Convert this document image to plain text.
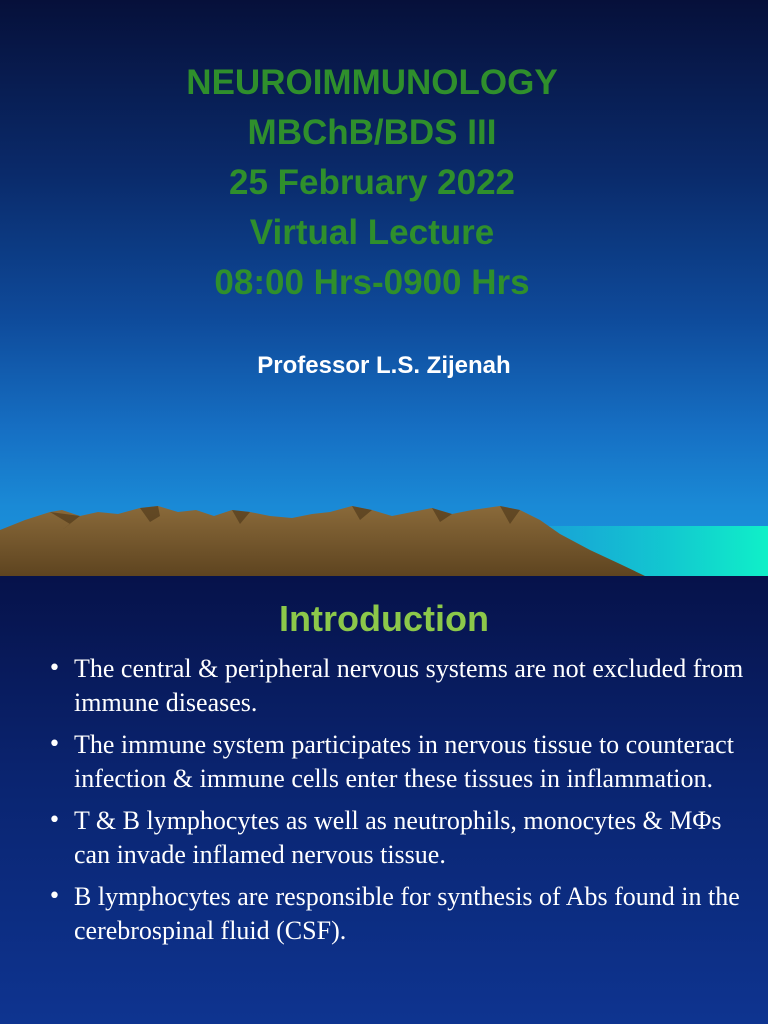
NEUROIMMUNOLOGY
MBChB/BDS III
25 February 2022
Virtual Lecture
08:00 Hrs-0900 Hrs
Professor L.S. Zijenah
Introduction
• The central & peripheral nervous systems are not excluded from immune diseases.
• The immune system participates in nervous tissue to counteract infection & immune cells enter these tissues in inflammation.
• T & B lymphocytes as well as neutrophils, monocytes & MΦs can invade inflamed nervous tissue.
• B lymphocytes are responsible for synthesis of Abs found in the cerebrospinal fluid (CSF).
